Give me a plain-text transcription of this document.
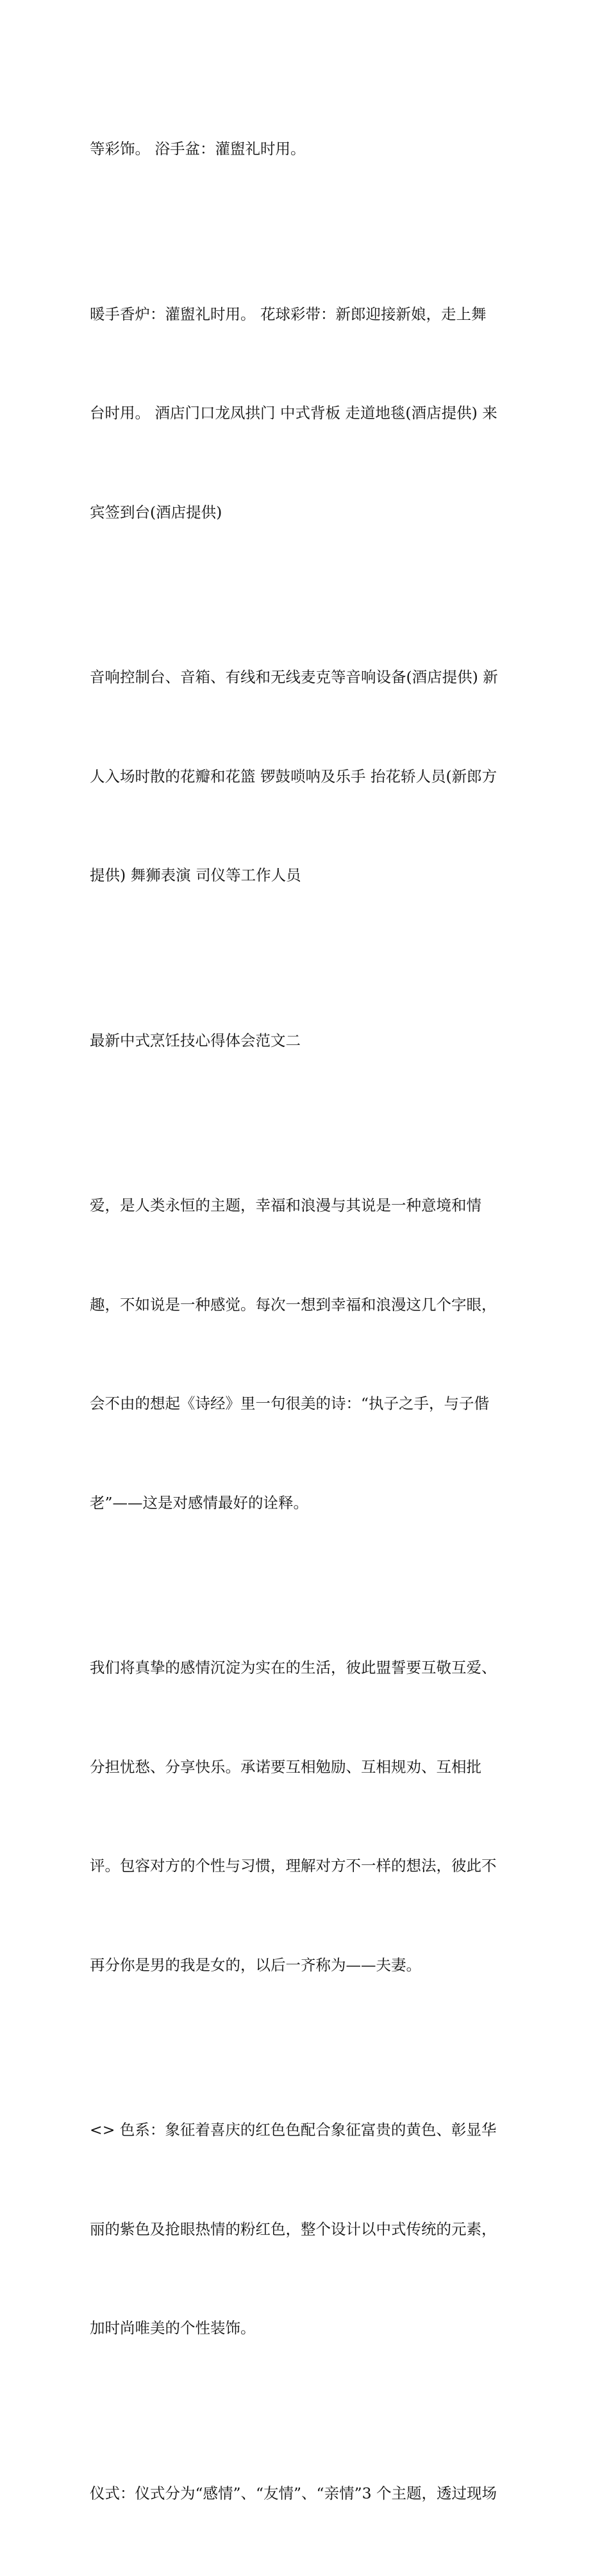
等彩饰。 浴手盆：灌盥礼时用。

暖手香炉：灌盥礼时用。 花球彩带：新郎迎接新娘，走上舞

台时用。 酒店门口龙凤拱门 中式背板 走道地毯(酒店提供) 来

宾签到台(酒店提供)

音响控制台、音箱、有线和无线麦克等音响设备(酒店提供) 新

人入场时散的花瓣和花篮 锣鼓唢呐及乐手 抬花轿人员(新郎方

提供) 舞狮表演 司仪等工作人员

最新中式烹饪技心得体会范文二

爱，是人类永恒的主题，幸福和浪漫与其说是一种意境和情

趣，不如说是一种感觉。每次一想到幸福和浪漫这几个字眼，

会不由的想起《诗经》里一句很美的诗：“执子之手，与子偕

老”——这是对感情最好的诠释。

我们将真挚的感情沉淀为实在的生活，彼此盟誓要互敬互爱、

分担忧愁、分享快乐。承诺要互相勉励、互相规劝、互相批

评。包容对方的个性与习惯，理解对方不一样的想法，彼此不

再分你是男的我是女的，以后一齐称为——夫妻。

<> 色系：象征着喜庆的红色色配合象征富贵的黄色、彰显华

丽的紫色及抢眼热情的粉红色，整个设计以中式传统的元素，

加时尚唯美的个性装饰。

仪式：仪式分为“感情”、“友情”、“亲情”3 个主题，透过现场
